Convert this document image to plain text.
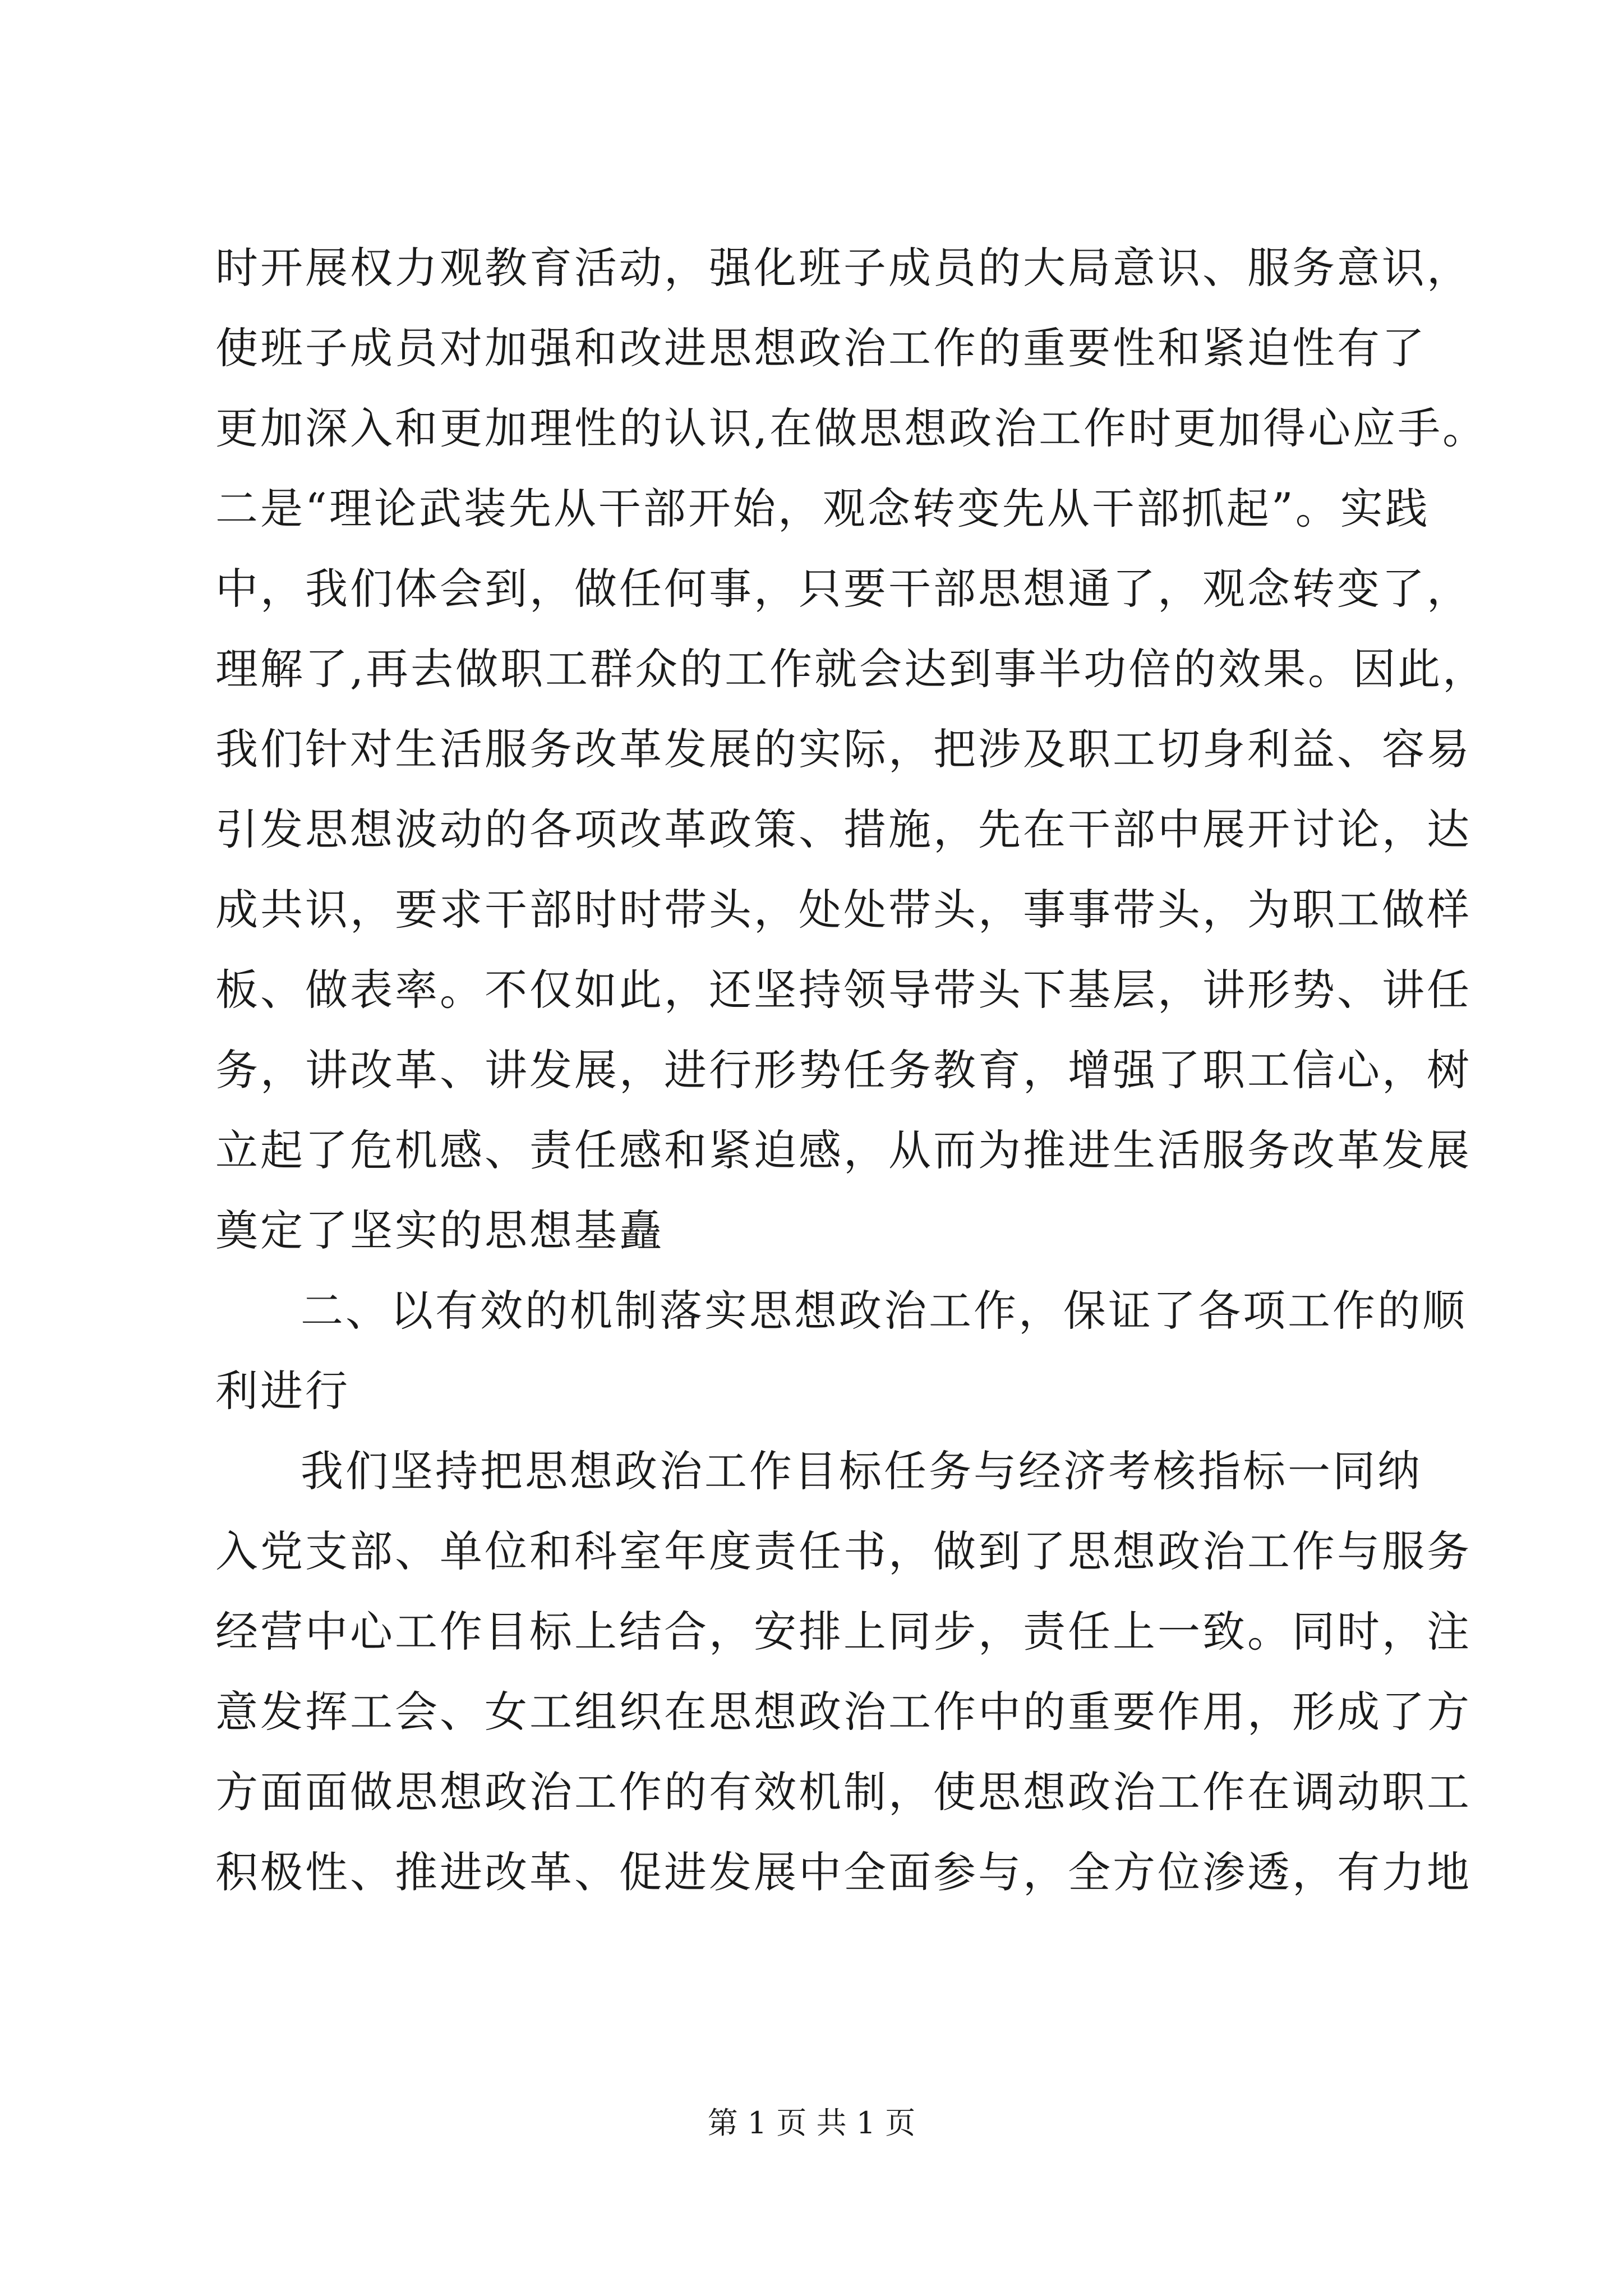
时开展权力观教育活动，强化班子成员的大局意识、服务意识，
使班子成员对加强和改进思想政治工作的重要性和紧迫性有了
更加深入和更加理性的认识,在做思想政治工作时更加得心应手。
二是“理论武装先从干部开始，观念转变先从干部抓起”。实践
中，我们体会到，做任何事，只要干部思想通了，观念转变了，
理解了,再去做职工群众的工作就会达到事半功倍的效果。因此，
我们针对生活服务改革发展的实际，把涉及职工切身利益、容易
引发思想波动的各项改革政策、措施，先在干部中展开讨论，达
成共识，要求干部时时带头，处处带头，事事带头，为职工做样
板、做表率。不仅如此，还坚持领导带头下基层，讲形势、讲任
务，讲改革、讲发展，进行形势任务教育，增强了职工信心，树
立起了危机感、责任感和紧迫感，从而为推进生活服务改革发展
奠定了坚实的思想基矗
二、以有效的机制落实思想政治工作，保证了各项工作的顺
利进行
我们坚持把思想政治工作目标任务与经济考核指标一同纳
入党支部、单位和科室年度责任书，做到了思想政治工作与服务
经营中心工作目标上结合，安排上同步，责任上一致。同时，注
意发挥工会、女工组织在思想政治工作中的重要作用，形成了方
方面面做思想政治工作的有效机制，使思想政治工作在调动职工
积极性、推进改革、促进发展中全面参与，全方位渗透，有力地
第 1 页 共 1 页
